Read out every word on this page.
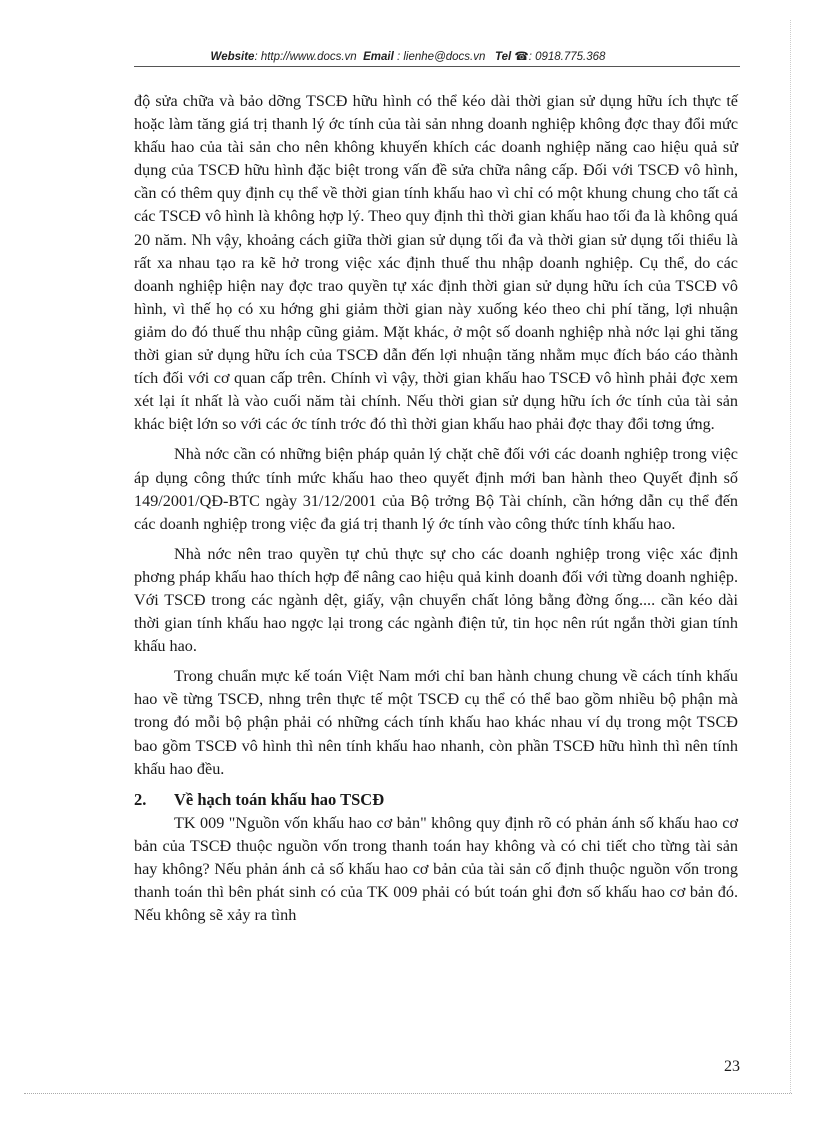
Website: http://www.docs.vn Email : lienhe@docs.vn Tel ☎: 0918.775.368

độ sửa chữa và bảo dỡng TSCĐ hữu hình có thể kéo dài thời gian sử dụng hữu ích thực tế hoặc làm tăng giá trị thanh lý ớc tính của tài sản nhng doanh nghiệp không đợc thay đổi mức khấu hao của tài sản cho nên không khuyến khích các doanh nghiệp năng cao hiệu quả sử dụng của TSCĐ hữu hình đặc biệt trong vấn đề sửa chữa nâng cấp. Đối với TSCĐ vô hình, cần có thêm quy định cụ thể về thời gian tính khấu hao vì chỉ có một khung chung cho tất cả các TSCĐ vô hình là không hợp lý. Theo quy định thì thời gian khấu hao tối đa là không quá 20 năm. Nh vậy, khoảng cách giữa thời gian sử dụng tối đa và thời gian sử dụng tối thiểu là rất xa nhau tạo ra kẽ hở trong việc xác định thuế thu nhập doanh nghiệp. Cụ thể, do các doanh nghiệp hiện nay đợc trao quyền tự xác định thời gian sử dụng hữu ích của TSCĐ vô hình, vì thế họ có xu hớng ghi giảm thời gian này xuống kéo theo chi phí tăng, lợi nhuận giảm do đó thuế thu nhập cũng giảm. Mặt khác, ở một số doanh nghiệp nhà nớc lại ghi tăng thời gian sử dụng hữu ích của TSCĐ dẫn đến lợi nhuận tăng nhằm mục đích báo cáo thành tích đối với cơ quan cấp trên. Chính vì vậy, thời gian khấu hao TSCĐ vô hình phải đợc xem xét lại ít nhất là vào cuối năm tài chính. Nếu thời gian sử dụng hữu ích ớc tính của tài sản khác biệt lớn so với các ớc tính trớc đó thì thời gian khấu hao phải đợc thay đổi tơng ứng.

Nhà nớc cần có những biện pháp quản lý chặt chẽ đối với các doanh nghiệp trong việc áp dụng công thức tính mức khấu hao theo quyết định mới ban hành theo Quyết định số 149/2001/QĐ-BTC ngày 31/12/2001 của Bộ trởng Bộ Tài chính, cần hớng dẫn cụ thể đến các doanh nghiệp trong việc đa giá trị thanh lý ớc tính vào công thức tính khấu hao.

Nhà nớc nên trao quyền tự chủ thực sự cho các doanh nghiệp trong việc xác định phơng pháp khấu hao thích hợp để nâng cao hiệu quả kinh doanh đối với từng doanh nghiệp. Với TSCĐ trong các ngành dệt, giấy, vận chuyển chất lỏng bằng đờng ống.... cần kéo dài thời gian tính khấu hao ngợc lại trong các ngành điện tử, tin học nên rút ngắn thời gian tính khấu hao.

Trong chuẩn mực kế toán Việt Nam mới chỉ ban hành chung chung về cách tính khấu hao về từng TSCĐ, nhng trên thực tế một TSCĐ cụ thể có thể bao gồm nhiều bộ phận mà trong đó mỗi bộ phận phải có những cách tính khấu hao khác nhau ví dụ trong một TSCĐ bao gồm TSCĐ vô hình thì nên tính khấu hao nhanh, còn phần TSCĐ hữu hình thì nên tính khấu hao đều.

2. Về hạch toán khấu hao TSCĐ

TK 009 "Nguồn vốn khấu hao cơ bản" không quy định rõ có phản ánh số khấu hao cơ bản của TSCĐ thuộc nguồn vốn trong thanh toán hay không và có chi tiết cho từng tài sản hay không? Nếu phản ánh cả số khấu hao cơ bản của tài sản cố định thuộc nguồn vốn trong thanh toán thì bên phát sinh có của TK 009 phải có bút toán ghi đơn số khấu hao cơ bản đó. Nếu không sẽ xảy ra tình

23
